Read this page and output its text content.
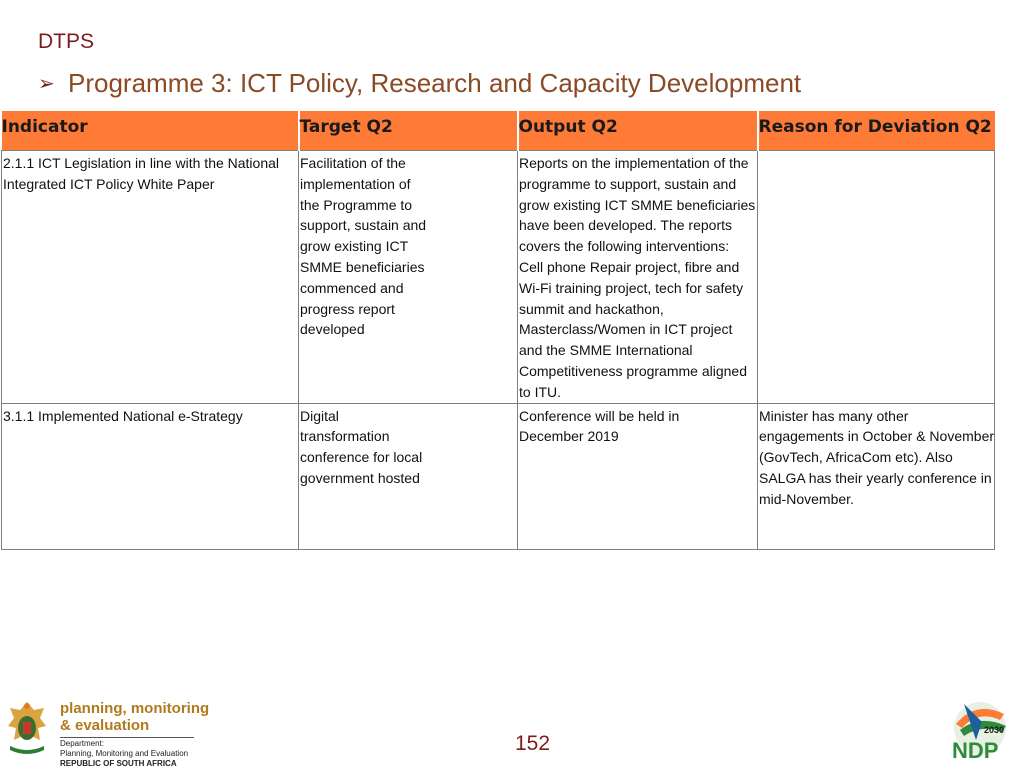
DTPS
➢ Programme 3: ICT Policy, Research and Capacity Development
Indicator	Target Q2	Output Q2	Reason for Deviation Q2
2.1.1 ICT Legislation in line with the National Integrated ICT Policy White Paper	Facilitation of the implementation of the Programme to support, sustain and grow existing ICT SMME beneficiaries commenced and progress report developed	Reports on the implementation of the programme to support, sustain and grow existing ICT SMME beneficiaries have been developed. The reports covers the following interventions: Cell phone Repair project, fibre and Wi-Fi training project, tech for safety summit and hackathon, Masterclass/Women in ICT project and the SMME International Competitiveness programme aligned to ITU.	
3.1.1 Implemented National e-Strategy	Digital transformation conference for local government hosted	Conference will be held in December 2019	Minister has many other engagements in October & November (GovTech, AfricaCom etc). Also SALGA has their yearly conference in mid-November.
planning, monitoring
& evaluation
Department:
Planning, Monitoring and Evaluation
REPUBLIC OF SOUTH AFRICA
152
2030
NDP
